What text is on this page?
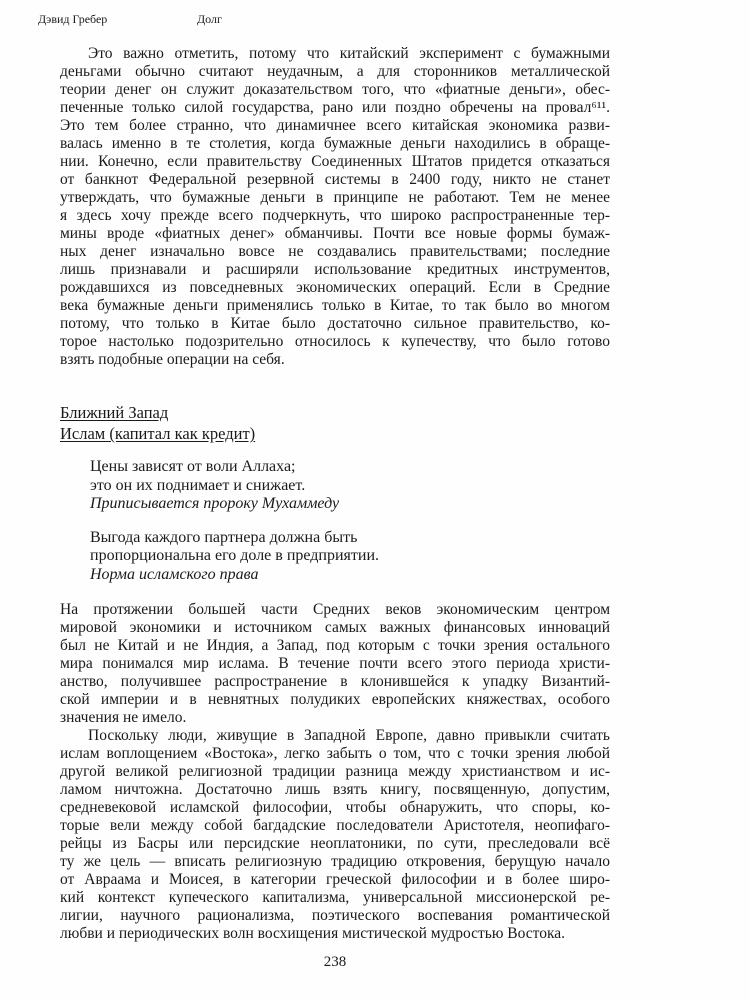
Дэвид Гребер	Долг
Это важно отметить, потому что китайский эксперимент с бумажными
деньгами обычно считают неудачным, а для сторонников металлической
теории денег он служит доказательством того, что «фиатные деньги», обес-
печенные только силой государства, рано или поздно обречены на провал⁶¹¹.
Это тем более странно, что динамичнее всего китайская экономика разви-
валась именно в те столетия, когда бумажные деньги находились в обраще-
нии. Конечно, если правительству Соединенных Штатов придется отказаться
от банкнот Федеральной резервной системы в 2400 году, никто не станет
утверждать, что бумажные деньги в принципе не работают. Тем не менее
я здесь хочу прежде всего подчеркнуть, что широко распространенные тер-
мины вроде «фиатных денег» обманчивы. Почти все новые формы бумаж-
ных денег изначально вовсе не создавались правительствами; последние
лишь признавали и расширяли использование кредитных инструментов,
рождавшихся из повседневных экономических операций. Если в Средние
века бумажные деньги применялись только в Китае, то так было во многом
потому, что только в Китае было достаточно сильное правительство, ко-
торое настолько подозрительно относилось к купечеству, что было готово
взять подобные операции на себя.
Ближний Запад
Ислам (капитал как кредит)
Цены зависят от воли Аллаха;
это он их поднимает и снижает.
Приписывается пророку Мухаммеду
Выгода каждого партнера должна быть
пропорциональна его доле в предприятии.
Норма исламского права
На протяжении большей части Средних веков экономическим центром
мировой экономики и источником самых важных финансовых инноваций
был не Китай и не Индия, а Запад, под которым с точки зрения остального
мира понимался мир ислама. В течение почти всего этого периода христи-
анство, получившее распространение в клонившейся к упадку Византий-
ской империи и в невнятных полудиких европейских княжествах, особого
значения не имело.
Поскольку люди, живущие в Западной Европе, давно привыкли считать
ислам воплощением «Востока», легко забыть о том, что с точки зрения любой
другой великой религиозной традиции разница между христианством и ис-
ламом ничтожна. Достаточно лишь взять книгу, посвященную, допустим,
средневековой исламской философии, чтобы обнаружить, что споры, ко-
торые вели между собой багдадские последователи Аристотеля, неопифаго-
рейцы из Басры или персидские неоплатоники, по сути, преследовали всё
ту же цель — вписать религиозную традицию откровения, берущую начало
от Авраама и Моисея, в категории греческой философии и в более широ-
кий контекст купеческого капитализма, универсальной миссионерской ре-
лигии, научного рационализма, поэтического воспевания романтической
любви и периодических волн восхищения мистической мудростью Востока.
238
